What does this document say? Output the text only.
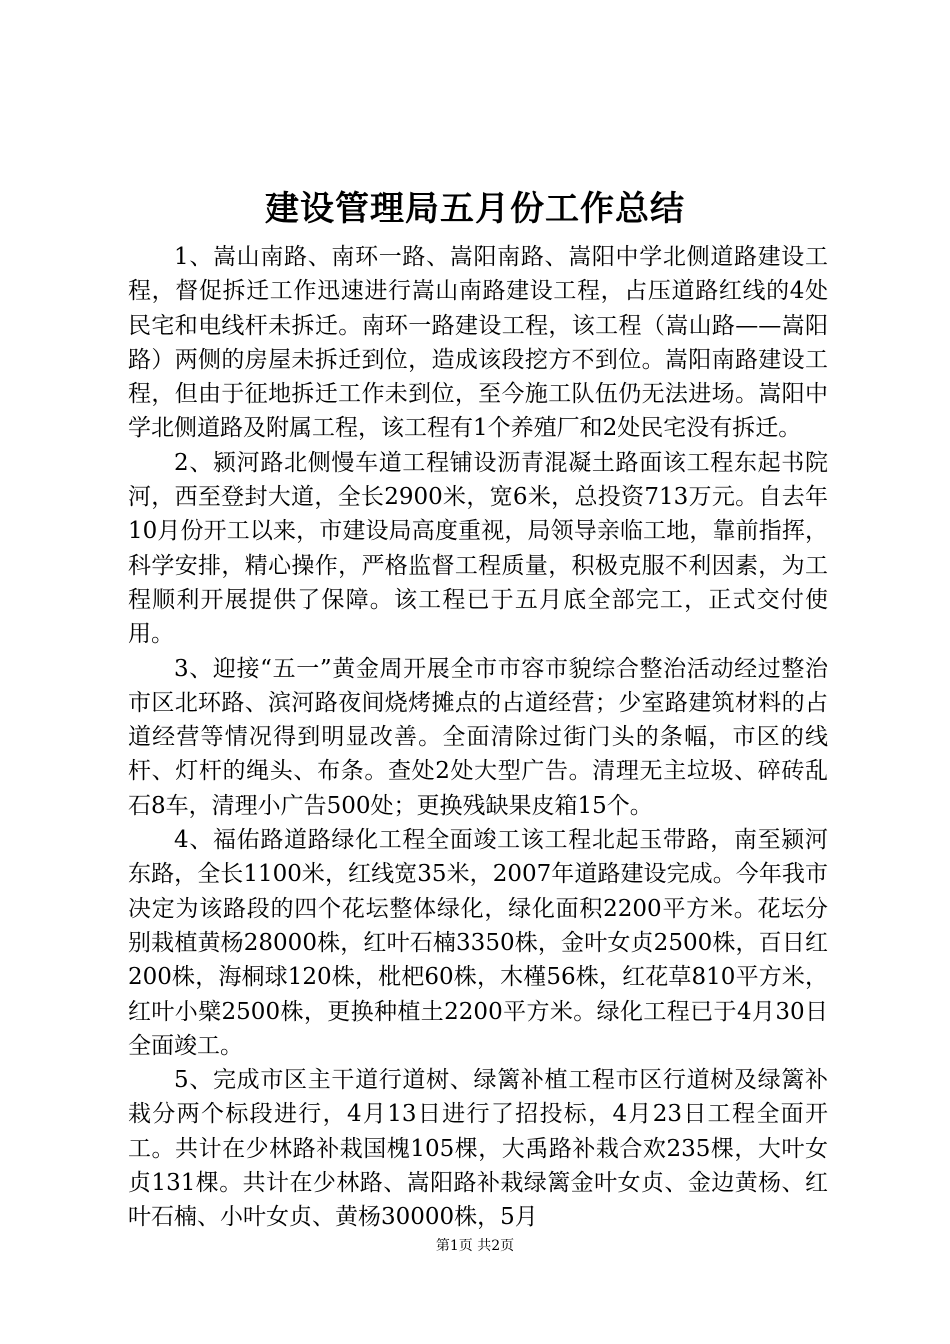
建设管理局五月份工作总结

1、嵩山南路、南环一路、嵩阳南路、嵩阳中学北侧道路建设工程，督促拆迁工作迅速进行嵩山南路建设工程，占压道路红线的4处民宅和电线杆未拆迁。南环一路建设工程，该工程（嵩山路——嵩阳路）两侧的房屋未拆迁到位，造成该段挖方不到位。嵩阳南路建设工程，但由于征地拆迁工作未到位，至今施工队伍仍无法进场。嵩阳中学北侧道路及附属工程，该工程有1个养殖厂和2处民宅没有拆迁。

2、颍河路北侧慢车道工程铺设沥青混凝土路面该工程东起书院河，西至登封大道，全长2900米，宽6米，总投资713万元。自去年10月份开工以来，市建设局高度重视，局领导亲临工地，靠前指挥，科学安排，精心操作，严格监督工程质量，积极克服不利因素，为工程顺利开展提供了保障。该工程已于五月底全部完工，正式交付使用。

3、迎接“五一”黄金周开展全市市容市貌综合整治活动经过整治市区北环路、滨河路夜间烧烤摊点的占道经营；少室路建筑材料的占道经营等情况得到明显改善。全面清除过街门头的条幅，市区的线杆、灯杆的绳头、布条。查处2处大型广告。清理无主垃圾、碎砖乱石8车，清理小广告500处；更换残缺果皮箱15个。

4、福佑路道路绿化工程全面竣工该工程北起玉带路，南至颍河东路，全长1100米，红线宽35米，2007年道路建设完成。今年我市决定为该路段的四个花坛整体绿化，绿化面积2200平方米。花坛分别栽植黄杨28000株，红叶石楠3350株，金叶女贞2500株，百日红200株，海桐球120株，枇杷60株，木槿56株，红花草810平方米，红叶小檗2500株，更换种植土2200平方米。绿化工程已于4月30日全面竣工。

5、完成市区主干道行道树、绿篱补植工程市区行道树及绿篱补栽分两个标段进行，4月13日进行了招投标，4月23日工程全面开工。共计在少林路补栽国槐105棵，大禹路补栽合欢235棵，大叶女贞131棵。共计在少林路、嵩阳路补栽绿篱金叶女贞、金边黄杨、红叶石楠、小叶女贞、黄杨30000株，5月

第1页 共2页
